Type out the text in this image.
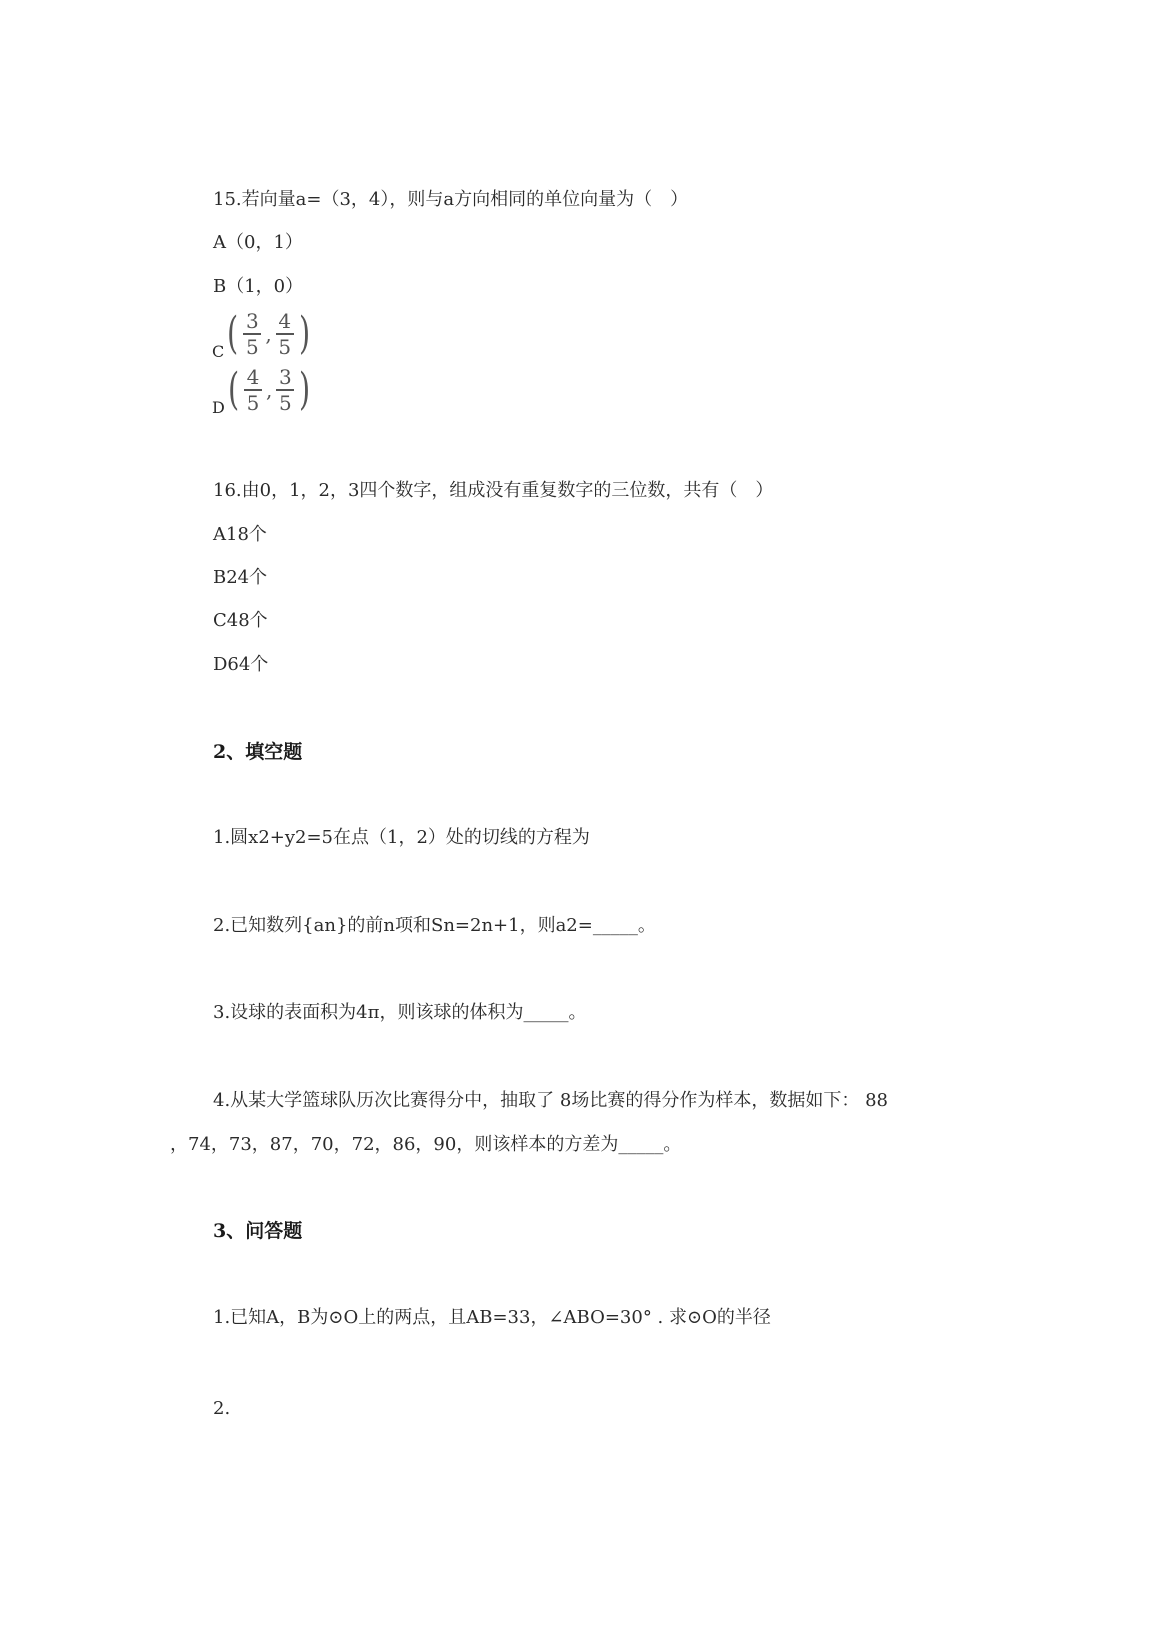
15.若向量a=（3，4），则与a方向相同的单位向量为（　）
A（0，1）
B（1，0）
C ( $\frac{3}{5}$ , $\frac{4}{5}$ )
D ( $\frac{4}{5}$ , $\frac{3}{5}$ )
16.由0，1，2，3四个数字，组成没有重复数字的三位数，共有（　）
A18个
B24个
C48个
D64个
2、填空题
1.圆x2+y2=5在点（1，2）处的切线的方程为
2.已知数列{an}的前n项和Sn=2n+1，则a2=_____。
3.设球的表面积为4π，则该球的体积为_____。
4.从某大学篮球队历次比赛得分中，抽取了 8场比赛的得分作为样本，数据如下： 88
，74，73，87，70，72，86，90，则该样本的方差为_____。
3、问答题
1.已知A，B为⊙O上的两点，且AB=33，∠ABO=30° . 求⊙O的半径
2.
